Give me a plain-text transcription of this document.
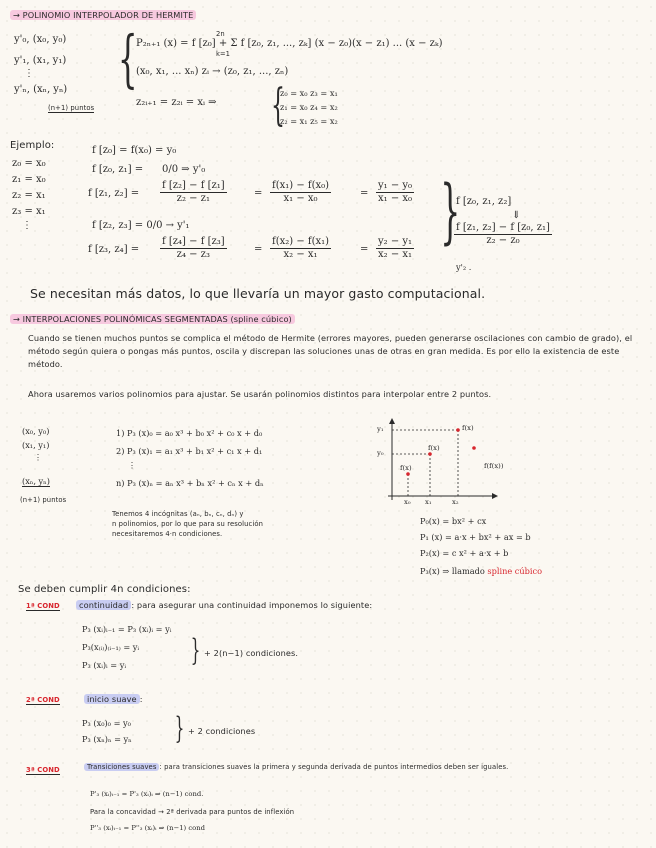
→ POLINOMIO INTERPOLADOR DE HERMITE
y'₀, (x₀, y₀)
y'₁, (x₁, y₁)
⋮
y'ₙ, (xₙ, yₙ)
(n+1) puntos
{	2n
k=1
P₂ₙ₊₁ (x) = f [z₀] + Σ f [z₀, z₁, ..., zₖ] (x − z₀)(x − z₁) ... (x − zₖ)
(x₀, x₁, ... xₙ) zᵢ → (z₀, z₁, ..., zₙ)
z₂ᵢ₊₁ = z₂ᵢ = xᵢ ⇒ {
z₀ = x₀ z₃ = x₁
z₁ = x₀ z₄ = x₂
z₂ = x₁ z₅ = x₂
Ejemplo:
z₀ = x₀
z₁ = x₀
z₂ = x₁
z₃ = x₁
⋮
f [z₀] = f(x₀) = y₀
f [z₀, z₁] = 0/0 ⇒ y'₀
f [z₁, $z_2] = \frac{\text{f [z₂] − f [z₁]}}{\text{z₂ − z₁}}$	= $\frac{\text{f(x₁) − f(x₀)}}{\text{x₁ − x₀}}$	= $\frac{\text{y₁ − y₀}}{\text{x₁ − x₀}}$
f [z₂, z₃] = 0/0 → y'₁
f [z₃, $z_4] = \frac{\text{f [z₄] − f [z₃]}}{\text{z₄ − z₃}}$	= $\frac{\text{f(x₂) − f(x₁)}}{\text{x₂ − x₁}}$	= $\frac{\text{y₂ − y₁}}{\text{x₂ − x₁}}$ }
f [z₀, z₁, z₂]
⇓
$\frac{\text{f [z₁, z₂] − f [z₀, z₁]}}{\text{z₂ − z₀}}$
y'₂ .
Se necesitan más datos, lo que llevaría un mayor gasto computacional.
→ INTERPOLACIONES POLINÓMICAS SEGMENTADAS (spline cúbico)
Cuando se tienen muchos puntos se complica el método de Hermite (errores mayores, pueden generarse oscilaciones con cambio de grado), el método según quiera o pongas más puntos, oscila y discrepan las soluciones unas de otras en gran medida. Es por ello la existencia de este método.
Ahora usaremos varios polinomios para ajustar. Se usarán polinomios distintos para interpolar entre 2 puntos.
(x₀, y₀)
(x₁, y₁)
⋮
(xₙ, yₙ)
(n+1) puntos
1) P₃ (x)₀ = a₀ x³ + b₀ x² + c₀ x + d₀
2) P₃ (x)₁ = a₁ x³ + b₁ x² + c₁ x + d₁
⋮
n) P₃ (x)ₙ = aₙ x³ + bₙ x² + cₙ x + dₙ
Tenemos 4 incógnitas (aₙ, bₙ, cₙ, dₙ) y
n polinomios, por lo que para su resolución
necesitaremos 4·n condiciones.
y₁
y₀
x₀ x₁	x₂
f(x)
f(x)
f(x)
f(f(x))
P₀(x) = bx² + cx
P₁ (x) = a·x + bx² + ax = b
P₂(x) = c x² + a·x + b
P₃(x) ⇒ llamado spline cúbico
Se deben cumplir 4n condiciones:
1ª COND	continuidad : para asegurar una continuidad imponemos lo siguiente:
P₃ (xᵢ)ᵢ₋₁ = P₃ (xᵢ)ᵢ = yᵢ
P₃(x₍ᵢ₎)₍ᵢ₋₁₎ = yᵢ
P₃ (xᵢ)ᵢ = yᵢ } + 2(n−1) condiciones.
2ª COND	inicio suave :
P₃ (x₀)₀ = y₀
P₃ (xₙ)ₙ = yₙ } + 2 condiciones
3ª COND	Transiciones suaves : para transiciones suaves la primera y segunda derivada de puntos intermedios deben ser iguales.
P'₃ (xᵢ)ᵢ₋₁ = P'₃ (xᵢ)ᵢ ⇒ (n−1) cond.
Para la concavidad → 2ª derivada para puntos de inflexión
P''₃ (xᵢ)ᵢ₋₁ = P''₃ (xᵢ)ᵢ ⇒ (n−1) cond
